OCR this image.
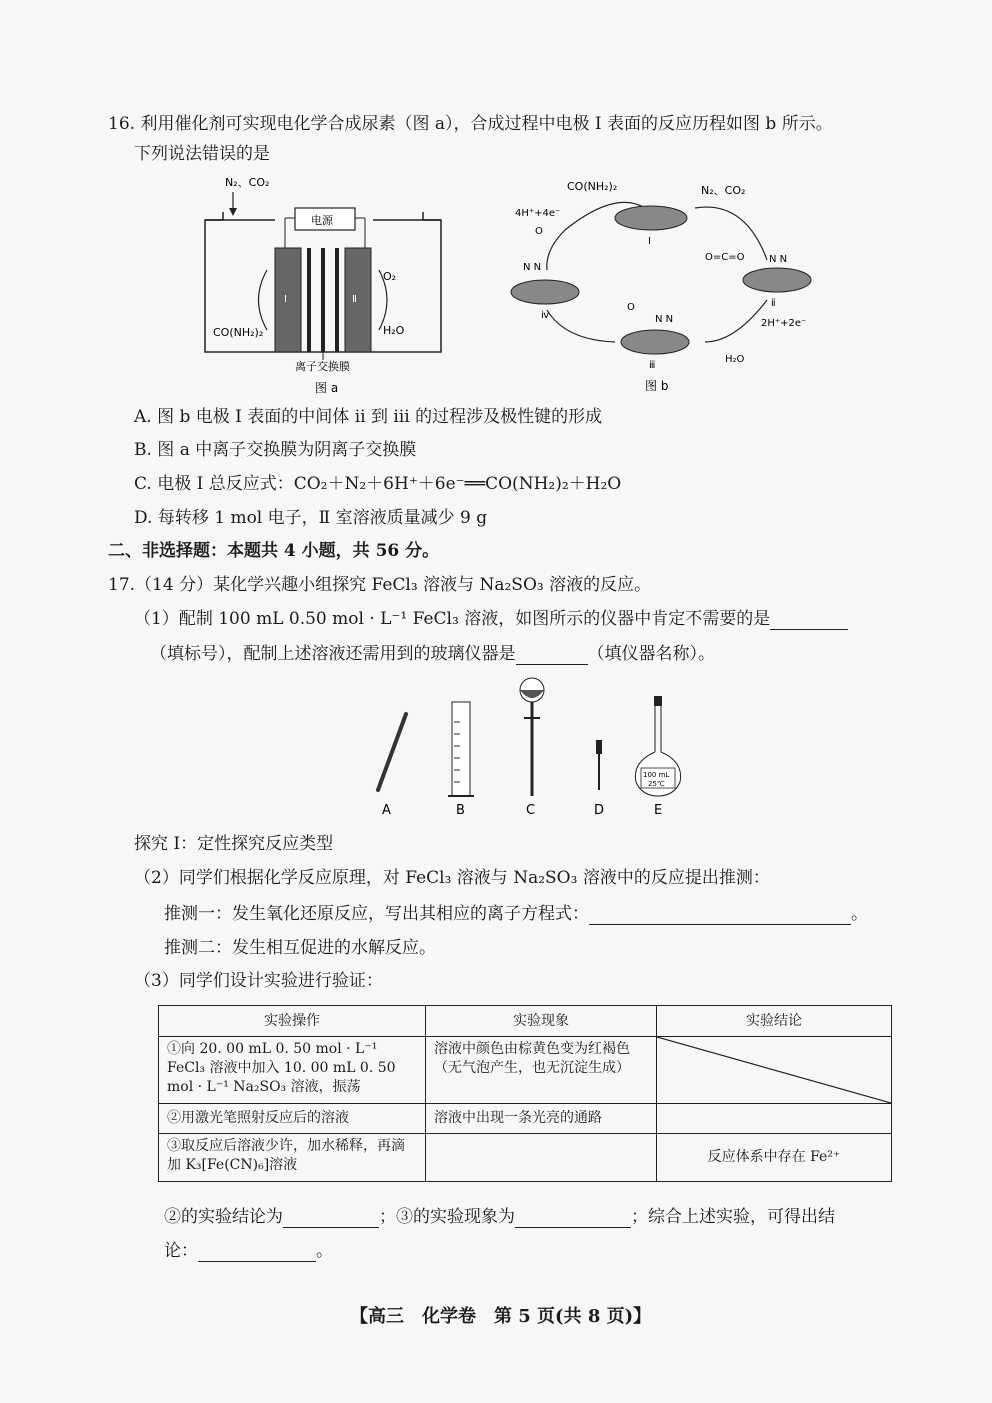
16. 利用催化剂可实现电化学合成尿素（图 a），合成过程中电极 Ⅰ 表面的反应历程如图 b 所示。
下列说法错误的是
N₂、CO₂
电源
Ⅰ	Ⅱ
CO(NH₂)₂
O₂
H₂O
离子交换膜
图 a
CO(NH₂)₂	N₂、CO₂
4H⁺+4e⁻
Ⅰ
ⅱ
ⅲ
ⅳ
O=C=O N N
O
N N
O
N N
2H⁺+2e⁻
H₂O
图 b
A. 图 b 电极 Ⅰ 表面的中间体 ⅱ 到 ⅲ 的过程涉及极性键的形成
B. 图 a 中离子交换膜为阴离子交换膜
C. 电极 Ⅰ 总反应式：CO₂＋N₂＋6H⁺＋6e⁻══CO(NH₂)₂＋H₂O
D. 每转移 1 mol 电子，Ⅱ 室溶液质量减少 9 g
二、非选择题：本题共 4 小题，共 56 分。
17.（14 分）某化学兴趣小组探究 FeCl₃ 溶液与 Na₂SO₃ 溶液的反应。
（1）配制 100 mL 0.50 mol · L⁻¹ FeCl₃ 溶液，如图所示的仪器中肯定不需要的是
（填标号），配制上述溶液还需用到的玻璃仪器是	（填仪器名称）。
A	B	C	D
100 mL
25℃
E
探究 Ⅰ：定性探究反应类型
（2）同学们根据化学反应原理，对 FeCl₃ 溶液与 Na₂SO₃ 溶液中的反应提出推测：
推测一：发生氧化还原反应，写出其相应的离子方程式：	。
推测二：发生相互促进的水解反应。
（3）同学们设计实验进行验证：
实验操作	实验现象	实验结论
①向 20. 00 mL 0. 50 mol · L⁻¹ FeCl₃ 溶液中加入 10. 00 mL 0. 50 mol · L⁻¹ Na₂SO₃ 溶液，振荡	溶液中颜色由棕黄色变为红褐色（无气泡产生，也无沉淀生成）	

②用激光笔照射反应后的溶液	溶液中出现一条光亮的通路	
③取反应后溶液少许，加水稀释，再滴加 K₃[Fe(CN)₆]溶液		反应体系中存在 Fe²⁺
②的实验结论为	；③的实验现象为	；综合上述实验，可得出结
论：	。
【高三　化学卷　第 5 页(共 8 页)】
